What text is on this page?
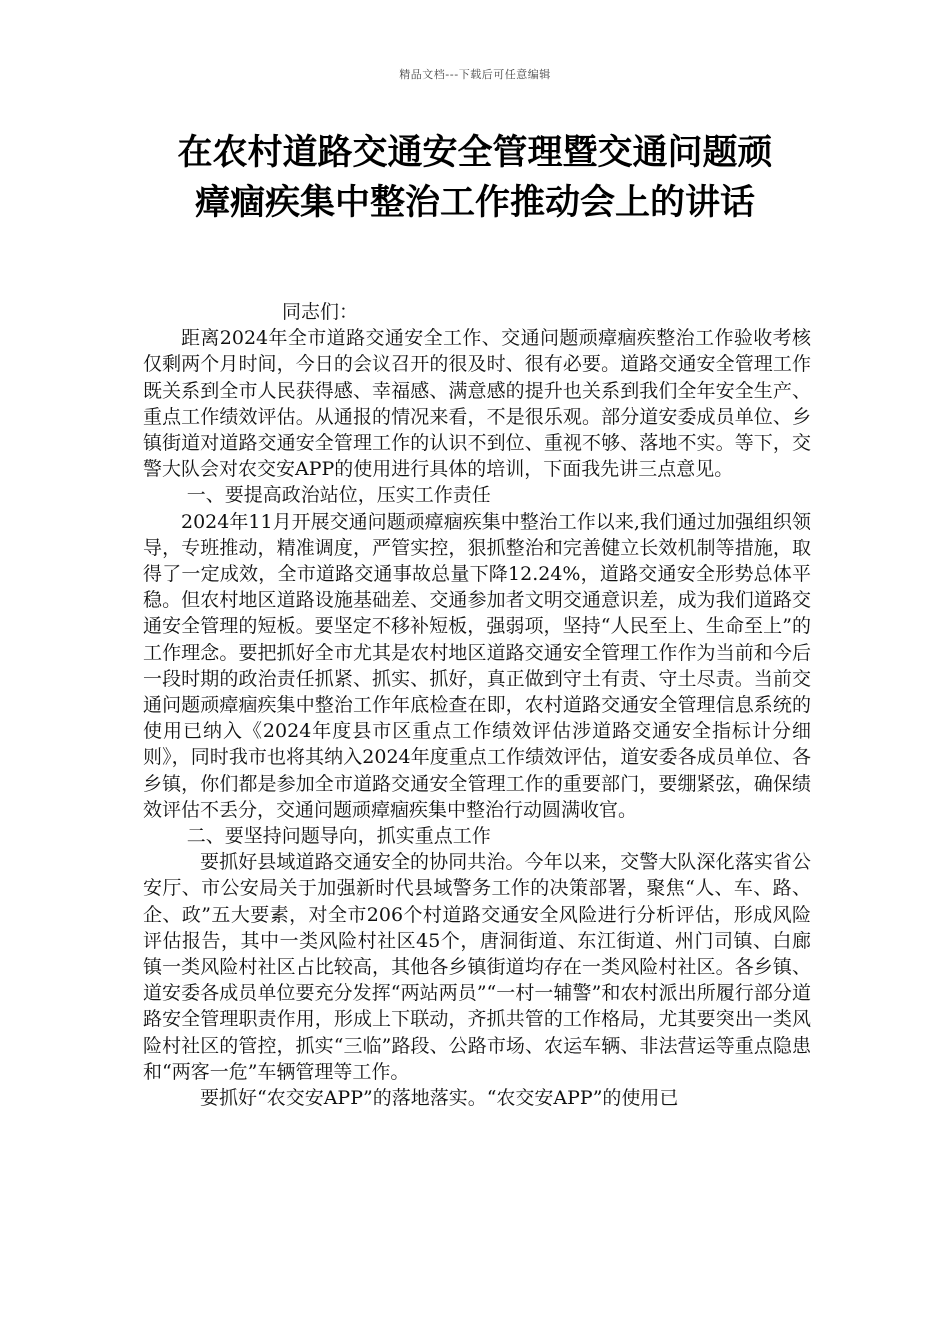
精品文档---下载后可任意编辑
在农村道路交通安全管理暨交通问题顽
瘴痼疾集中整治工作推动会上的讲话

同志们：

距离2024年全市道路交通安全工作、交通问题顽瘴痼疾整治工作验收考核仅剩两个月时间，今日的会议召开的很及时、很有必要。道路交通安全管理工作既关系到全市人民获得感、幸福感、满意感的提升也关系到我们全年安全生产、重点工作绩效评估。从通报的情况来看，不是很乐观。部分道安委成员单位、乡镇街道对道路交通安全管理工作的认识不到位、重视不够、落地不实。等下，交警大队会对农交安APP的使用进行具体的培训，下面我先讲三点意见。

一、要提高政治站位，压实工作责任

2024年11月开展交通问题顽瘴痼疾集中整治工作以来,我们通过加强组织领导，专班推动，精准调度，严管实控，狠抓整治和完善健立长效机制等措施，取得了一定成效，全市道路交通事故总量下降12.24%，道路交通安全形势总体平稳。但农村地区道路设施基础差、交通参加者文明交通意识差，成为我们道路交通安全管理的短板。要坚定不移补短板，强弱项，坚持“人民至上、生命至上”的工作理念。要把抓好全市尤其是农村地区道路交通安全管理工作作为当前和今后一段时期的政治责任抓紧、抓实、抓好，真正做到守土有责、守土尽责。当前交通问题顽瘴痼疾集中整治工作年底检查在即，农村道路交通安全管理信息系统的使用已纳入《2024年度县市区重点工作绩效评估涉道路交通安全指标计分细则》，同时我市也将其纳入2024年度重点工作绩效评估，道安委各成员单位、各乡镇，你们都是参加全市道路交通安全管理工作的重要部门，要绷紧弦，确保绩效评估不丢分，交通问题顽瘴痼疾集中整治行动圆满收官。

二、要坚持问题导向，抓实重点工作

要抓好县域道路交通安全的协同共治。今年以来，交警大队深化落实省公安厅、市公安局关于加强新时代县域警务工作的决策部署，聚焦“人、车、路、企、政”五大要素，对全市206个村道路交通安全风险进行分析评估，形成风险评估报告，其中一类风险村社区45个，唐洞街道、东江街道、州门司镇、白廊镇一类风险村社区占比较高，其他各乡镇街道均存在一类风险村社区。各乡镇、道安委各成员单位要充分发挥“两站两员”“一村一辅警”和农村派出所履行部分道路安全管理职责作用，形成上下联动，齐抓共管的工作格局，尤其要突出一类风险村社区的管控，抓实“三临”路段、公路市场、农运车辆、非法营运等重点隐患和“两客一危”车辆管理等工作。

要抓好“农交安APP”的落地落实。“农交安APP”的使用已
